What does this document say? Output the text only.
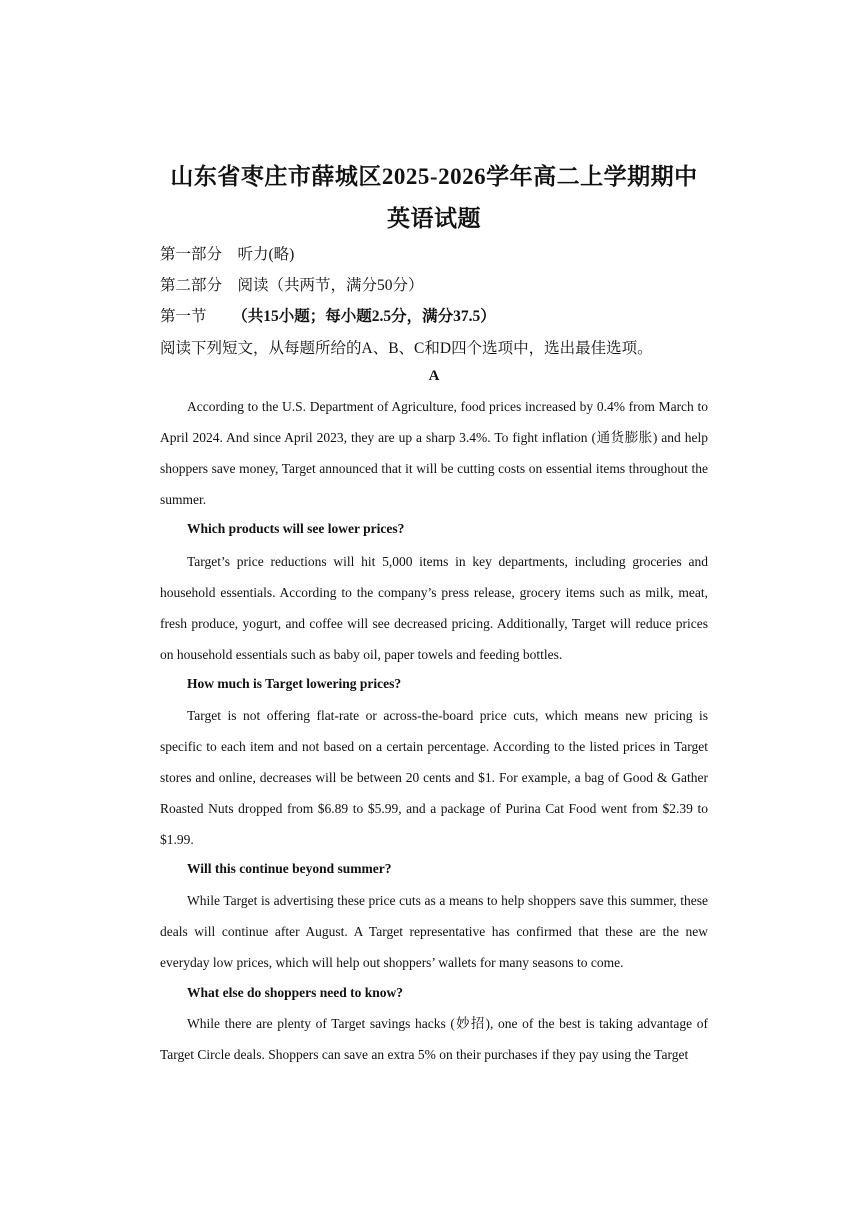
山东省枣庄市薛城区2025-2026学年高二上学期期中
英语试题
第一部分　听力(略)
第二部分　阅读（共两节，满分50分）
第一节 （共15小题；每小题2.5分，满分37.5）
阅读下列短文，从每题所给的A、B、C和D四个选项中，选出最佳选项。
A

According to the U.S. Department of Agriculture, food prices increased by 0.4% from March to April 2024. And since April 2023, they are up a sharp 3.4%. To fight inflation (通货膨胀) and help shoppers save money, Target announced that it will be cutting costs on essential items throughout the summer.

Which products will see lower prices?

Target’s price reductions will hit 5,000 items in key departments, including groceries and household essentials. According to the company’s press release, grocery items such as milk, meat, fresh produce, yogurt, and coffee will see decreased pricing. Additionally, Target will reduce prices on household essentials such as baby oil, paper towels and feeding bottles.

How much is Target lowering prices?

Target is not offering flat-rate or across-the-board price cuts, which means new pricing is specific to each item and not based on a certain percentage. According to the listed prices in Target stores and online, decreases will be between 20 cents and $1. For example, a bag of Good & Gather Roasted Nuts dropped from $6.89 to $5.99, and a package of Purina Cat Food went from $2.39 to $1.99.

Will this continue beyond summer?

While Target is advertising these price cuts as a means to help shoppers save this summer, these deals will continue after August. A Target representative has confirmed that these are the new everyday low prices, which will help out shoppers’ wallets for many seasons to come.

What else do shoppers need to know?

While there are plenty of Target savings hacks (妙招), one of the best is taking advantage of Target Circle deals. Shoppers can save an extra 5% on their purchases if they pay using the Target
